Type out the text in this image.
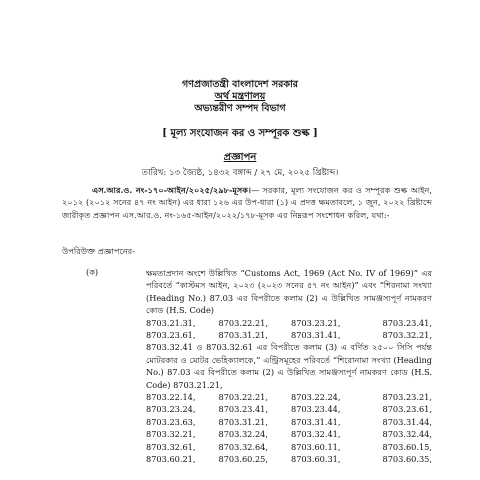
গণপ্রজাতন্ত্রী বাংলাদেশ সরকার
অর্থ মন্ত্রণালয়
অভ্যন্তরীণ সম্পদ বিভাগ
[ মূল্য সংযোজন কর ও সম্পূরক শুল্ক ]
প্রজ্ঞাপন
তারিখ: ১৩ জ্যৈষ্ঠ, ১৪৩২ বঙ্গাব্দ / ২৭ মে, ২০২৫ খ্রিষ্টাব্দ।
এস.আর.ও. নং-১৭০-আইন/২০২৫/২৯৮-মূসক।— সরকার, মূল্য সংযোজন কর ও সম্পূরক শুল্ক আইন, ২০১২ (২০১২ সনের ৪৭ নং আইন) এর ধারা ১২৬ এর উপ-ধারা (১) এ প্রদত্ত ক্ষমতাবলে, ১ জুন, ২০২২ খ্রিষ্টাব্দে জারীকৃত প্রজ্ঞাপন এস.আর.ও. নং-১৬৫-আইন/২০২২/১৭৮-মূসক এর নিম্নরূপ সংশোধন করিল, যথা:-
উপরিউক্ত প্রজ্ঞাপনের-
(ক)	ক্ষমতাপ্রদান অংশে উল্লিখিত “Customs Act, 1969 (Act No. IV of 1969)” এর পরিবর্তে “কাস্টমস আইন, ২০২৩ (২০২৩ সনের ৫৭ নং আইন)” এবং “শিরনামা সংখ্যা (Heading No.) 87.03 এর বিপরীতে কলাম (2) এ উল্লিখিত সামঞ্জস্যপূর্ণ নামকরণ কোড (H.S. Code)

8703.21.31,	8703.22.21,	8703.23.21,	8703.23.41,
8703.23.61,	8703.31.21,	8703.31.41,	8703.32.21,

8703.32.41 ও 8703.32.61 এর বিপরীতে কলাম (3) এ বর্ণিত ২৫০০ সিসি পর্যন্ত মোটরকার ও মোটর ভেহিক্যালকে,” এন্ট্রিসমূহের পরিবর্তে “শিরোনামা সংখ্যা (Heading No.) 87.03 এর বিপরীতে কলাম (2) এ উল্লিখিত সামঞ্জস্যপূর্ণ নামকরণ কোড (H.S. Code) 8703.21.21,

8703.22.14,	8703.22.21,	8703.22.24,	8703.23.21,
8703.23.24,	8703.23.41,	8703.23.44,	8703.23.61,
8703.23.63,	8703.31.21,	8703.31.41,	8703.31.44,
8703.32.21,	8703.32.24,	8703.32.41,	8703.32.44,
8703.32.61,	8703.32.64,	8703.60.11,	8703.60.15,
8703.60.21,	8703.60.25,	8703.60.31,	8703.60.35,
